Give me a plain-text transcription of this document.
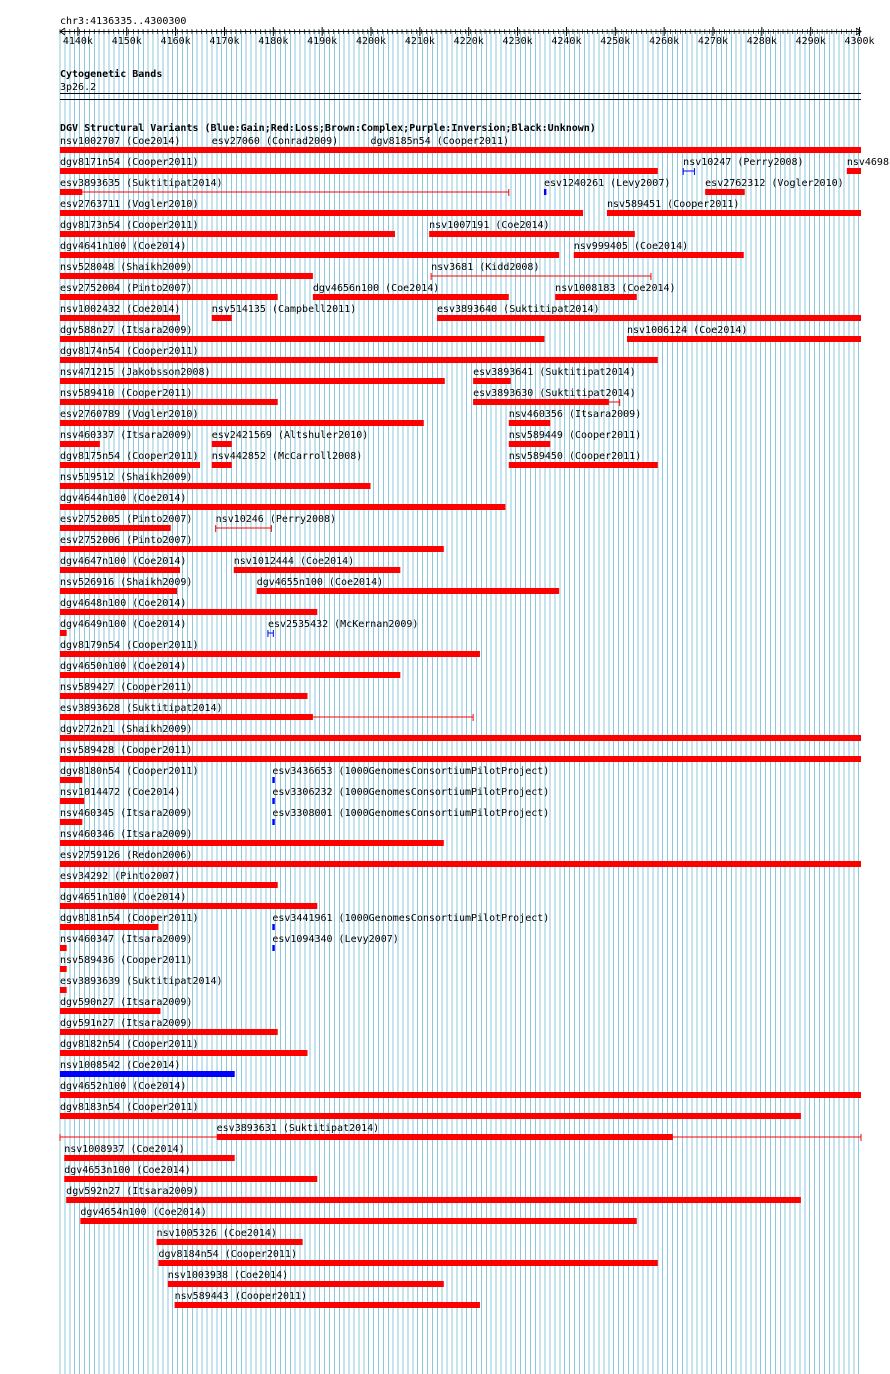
chr3:4136335..4300300
4140k 4150k 4160k 4170k 4180k 4190k 4200k 4210k 4220k 4230k 4240k 4250k 4260k 4270k 4280k 4290k 4300k
Cytogenetic Bands
3p26.2
DGV Structural Variants (Blue:Gain;Red:Loss;Brown:Complex;Purple:Inversion;Black:Unknown)
nsv1002707 (Coe2014)	esv27060 (Conrad2009)	dgv8185n54 (Cooper2011)
dgv8171n54 (Cooper2011)	nsv10247 (Perry2008)	nsv4698
esv3893635 (Suktitipat2014)	esv1240261 (Levy2007)	esv2762312 (Vogler2010)
esv2763711 (Vogler2010)	nsv589451 (Cooper2011)
dgv8173n54 (Cooper2011)	nsv1007191 (Coe2014)
dgv4641n100 (Coe2014)	nsv999405 (Coe2014)
nsv528048 (Shaikh2009)	nsv3681 (Kidd2008)
esv2752004 (Pinto2007)	dgv4656n100 (Coe2014)	nsv1008183 (Coe2014)
nsv1002432 (Coe2014)	nsv514135 (Campbell2011)	esv3893640 (Suktitipat2014)
dgv588n27 (Itsara2009)	nsv1006124 (Coe2014)
dgv8174n54 (Cooper2011)
nsv471215 (Jakobsson2008)	esv3893641 (Suktitipat2014)
nsv589410 (Cooper2011)	esv3893630 (Suktitipat2014)
esv2760789 (Vogler2010)	nsv460356 (Itsara2009)
nsv460337 (Itsara2009) esv2421569 (Altshuler2010)	nsv589449 (Cooper2011)
dgv8175n54 (Cooper2011) nsv442852 (McCarroll2008)	nsv589450 (Cooper2011)
nsv519512 (Shaikh2009)
dgv4644n100 (Coe2014)
esv2752005 (Pinto2007) nsv10246 (Perry2008)
esv2752006 (Pinto2007)
dgv4647n100 (Coe2014)	nsv1012444 (Coe2014)
nsv526916 (Shaikh2009)	dgv4655n100 (Coe2014)
dgv4648n100 (Coe2014)
dgv4649n100 (Coe2014)	esv2535432 (McKernan2009)
dgv8179n54 (Cooper2011)
dgv4650n100 (Coe2014)
nsv589427 (Cooper2011)
esv3893628 (Suktitipat2014)
dgv272n21 (Shaikh2009)
nsv589428 (Cooper2011)
dgv8180n54 (Cooper2011)	esv3436653 (1000GenomesConsortiumPilotProject)
nsv1014472 (Coe2014)	esv3306232 (1000GenomesConsortiumPilotProject)
nsv460345 (Itsara2009)	esv3308001 (1000GenomesConsortiumPilotProject)
nsv460346 (Itsara2009)
esv2759126 (Redon2006)
esv34292 (Pinto2007)
dgv4651n100 (Coe2014)
dgv8181n54 (Cooper2011)	esv3441961 (1000GenomesConsortiumPilotProject)
nsv460347 (Itsara2009)	esv1094340 (Levy2007)
nsv589436 (Cooper2011)
esv3893639 (Suktitipat2014)
dgv590n27 (Itsara2009)
dgv591n27 (Itsara2009)
dgv8182n54 (Cooper2011)
nsv1008542 (Coe2014)
dgv4652n100 (Coe2014)
dgv8183n54 (Cooper2011)
esv3893631 (Suktitipat2014)
nsv1008937 (Coe2014)
dgv4653n100 (Coe2014)
dgv592n27 (Itsara2009)
dgv4654n100 (Coe2014)
nsv1005326 (Coe2014)
dgv8184n54 (Cooper2011)
nsv1003938 (Coe2014)
nsv589443 (Cooper2011)
